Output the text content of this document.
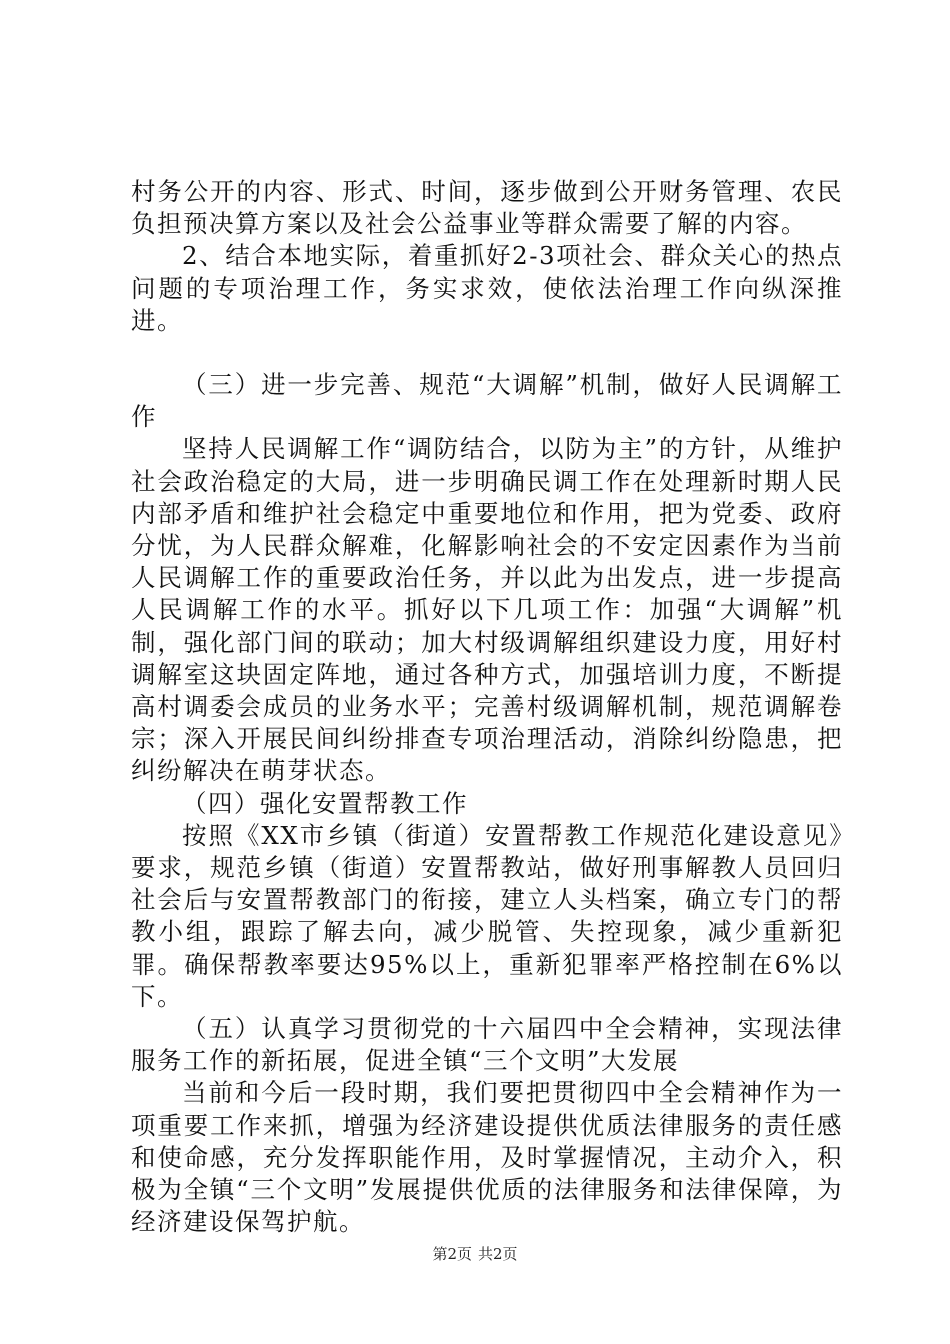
村务公开的内容、形式、时间，逐步做到公开财务管理、农民负担预决算方案以及社会公益事业等群众需要了解的内容。

2、结合本地实际，着重抓好2-3项社会、群众关心的热点问题的专项治理工作，务实求效，使依法治理工作向纵深推进。

（三）进一步完善、规范“大调解”机制，做好人民调解工作

坚持人民调解工作“调防结合，以防为主”的方针，从维护社会政治稳定的大局，进一步明确民调工作在处理新时期人民内部矛盾和维护社会稳定中重要地位和作用，把为党委、政府分忧，为人民群众解难，化解影响社会的不安定因素作为当前人民调解工作的重要政治任务，并以此为出发点，进一步提高人民调解工作的水平。抓好以下几项工作：加强“大调解”机制，强化部门间的联动；加大村级调解组织建设力度，用好村调解室这块固定阵地，通过各种方式，加强培训力度，不断提高村调委会成员的业务水平；完善村级调解机制，规范调解卷宗；深入开展民间纠纷排查专项治理活动，消除纠纷隐患，把纠纷解决在萌芽状态。

（四）强化安置帮教工作

按照《XX市乡镇（街道）安置帮教工作规范化建设意见》要求，规范乡镇（街道）安置帮教站，做好刑事解教人员回归社会后与安置帮教部门的衔接，建立人头档案，确立专门的帮教小组，跟踪了解去向，减少脱管、失控现象，减少重新犯罪。确保帮教率要达95%以上，重新犯罪率严格控制在6%以下。

（五）认真学习贯彻党的十六届四中全会精神，实现法律服务工作的新拓展，促进全镇“三个文明”大发展

当前和今后一段时期，我们要把贯彻四中全会精神作为一项重要工作来抓，增强为经济建设提供优质法律服务的责任感和使命感，充分发挥职能作用，及时掌握情况，主动介入，积极为全镇“三个文明”发展提供优质的法律服务和法律保障，为经济建设保驾护航。

第2页 共2页
